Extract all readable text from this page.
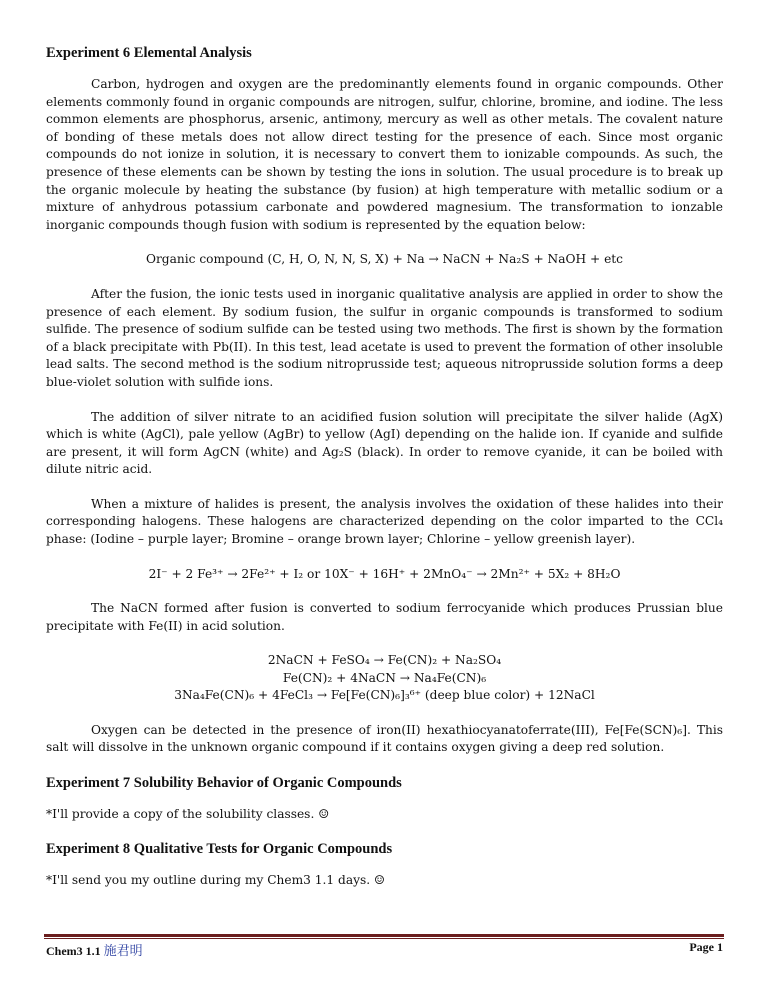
Experiment 6 Elemental Analysis

Carbon, hydrogen and oxygen are the predominantly elements found in organic compounds. Other elements commonly found in organic compounds are nitrogen, sulfur, chlorine, bromine, and iodine. The less common elements are phosphorus, arsenic, antimony, mercury as well as other metals. The covalent nature of bonding of these metals does not allow direct testing for the presence of each. Since most organic compounds do not ionize in solution, it is necessary to convert them to ionizable compounds. As such, the presence of these elements can be shown by testing the ions in solution. The usual procedure is to break up the organic molecule by heating the substance (by fusion) at high temperature with metallic sodium or a mixture of anhydrous potassium carbonate and powdered magnesium. The transformation to ionzable inorganic compounds though fusion with sodium is represented by the equation below:

Organic compound (C, H, O, N, N, S, X) + Na → NaCN + Na₂S + NaOH + etc

After the fusion, the ionic tests used in inorganic qualitative analysis are applied in order to show the presence of each element. By sodium fusion, the sulfur in organic compounds is transformed to sodium sulfide. The presence of sodium sulfide can be tested using two methods. The first is shown by the formation of a black precipitate with Pb(II). In this test, lead acetate is used to prevent the formation of other insoluble lead salts. The second method is the sodium nitroprusside test; aqueous nitroprusside solution forms a deep blue-violet solution with sulfide ions.

The addition of silver nitrate to an acidified fusion solution will precipitate the silver halide (AgX) which is white (AgCl), pale yellow (AgBr) to yellow (AgI) depending on the halide ion. If cyanide and sulfide are present, it will form AgCN (white) and Ag₂S (black). In order to remove cyanide, it can be boiled with dilute nitric acid.

When a mixture of halides is present, the analysis involves the oxidation of these halides into their corresponding halogens. These halogens are characterized depending on the color imparted to the CCl₄ phase: (Iodine – purple layer; Bromine – orange brown layer; Chlorine – yellow greenish layer).

2I⁻ + 2 Fe³⁺ → 2Fe²⁺ + I₂ or 10X⁻ + 16H⁺ + 2MnO₄⁻ → 2Mn²⁺ + 5X₂ + 8H₂O

The NaCN formed after fusion is converted to sodium ferrocyanide which produces Prussian blue precipitate with Fe(II) in acid solution.

2NaCN + FeSO₄ → Fe(CN)₂ + Na₂SO₄
Fe(CN)₂ + 4NaCN → Na₄Fe(CN)₆
3Na₄Fe(CN)₆ + 4FeCl₃ → Fe[Fe(CN)₆]₃⁶⁺ (deep blue color) + 12NaCl

Oxygen can be detected in the presence of iron(II) hexathiocyanatoferrate(III), Fe[Fe(SCN)₆]. This salt will dissolve in the unknown organic compound if it contains oxygen giving a deep red solution.

Experiment 7 Solubility Behavior of Organic Compounds
*I'll provide a copy of the solubility classes. ☺
Experiment 8 Qualitative Tests for Organic Compounds
*I'll send you my outline during my Chem3 1.1 days. ☺
Chem3 1.1 施君明	Page 1
